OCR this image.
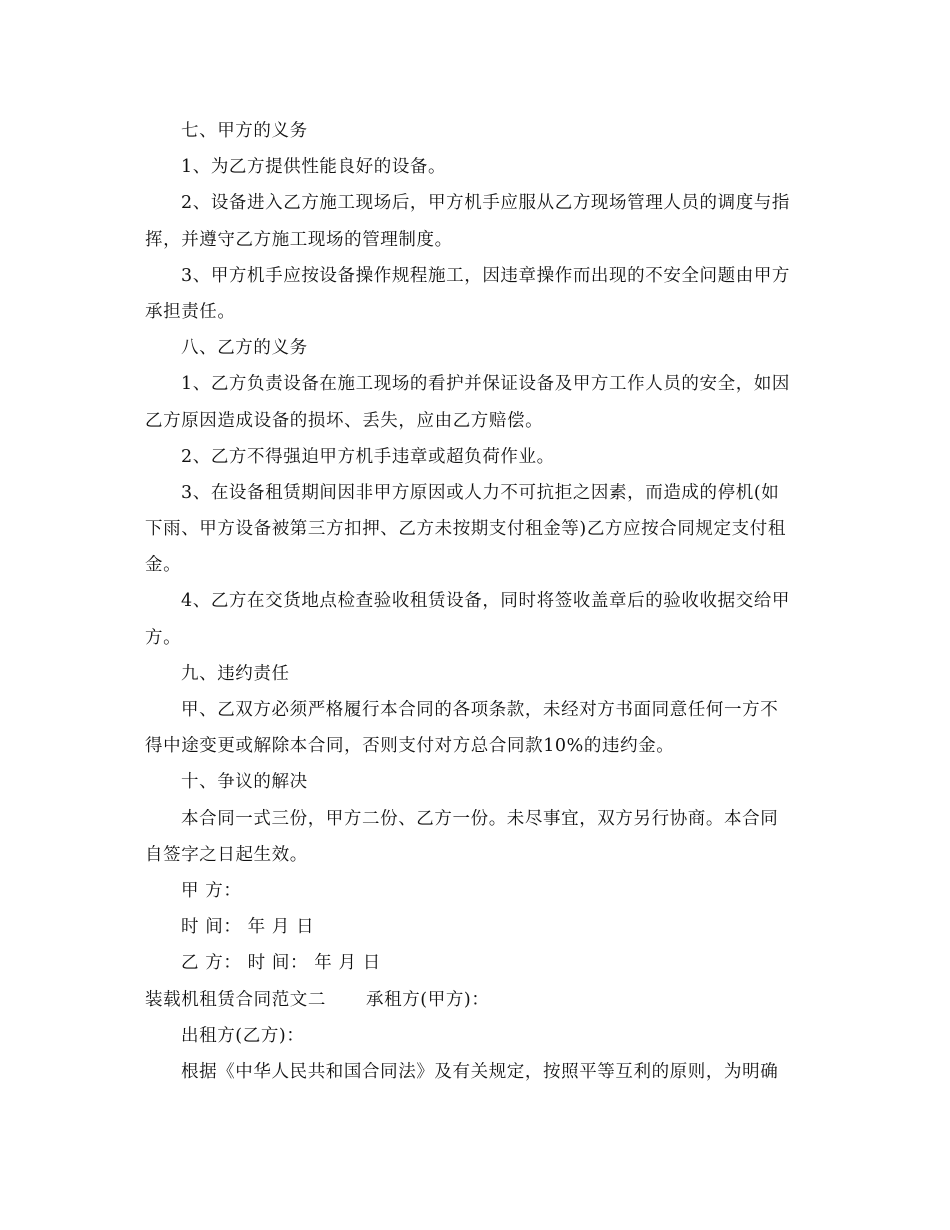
七、甲方的义务
1、为乙方提供性能良好的设备。
2、设备进入乙方施工现场后，甲方机手应服从乙方现场管理人员的调度与指
挥，并遵守乙方施工现场的管理制度。
3、甲方机手应按设备操作规程施工，因违章操作而出现的不安全问题由甲方
承担责任。
八、乙方的义务
1、乙方负责设备在施工现场的看护并保证设备及甲方工作人员的安全，如因
乙方原因造成设备的损坏、丢失，应由乙方赔偿。
2、乙方不得强迫甲方机手违章或超负荷作业。
3、在设备租赁期间因非甲方原因或人力不可抗拒之因素，而造成的停机(如
下雨、甲方设备被第三方扣押、乙方未按期支付租金等)乙方应按合同规定支付租
金。
4、乙方在交货地点检查验收租赁设备，同时将签收盖章后的验收收据交给甲
方。
九、违约责任
甲、乙双方必须严格履行本合同的各项条款，未经对方书面同意任何一方不
得中途变更或解除本合同，否则支付对方总合同款10%的违约金。
十、争议的解决
本合同一式三份，甲方二份、乙方一份。未尽事宜，双方另行协商。本合同
自签字之日起生效。
甲 方：
时 间： 年 月 日
乙 方： 时 间： 年 月 日
装载机租赁合同范文二 承租方(甲方)：
出租方(乙方)：
根据《中华人民共和国合同法》及有关规定，按照平等互利的原则，为明确
